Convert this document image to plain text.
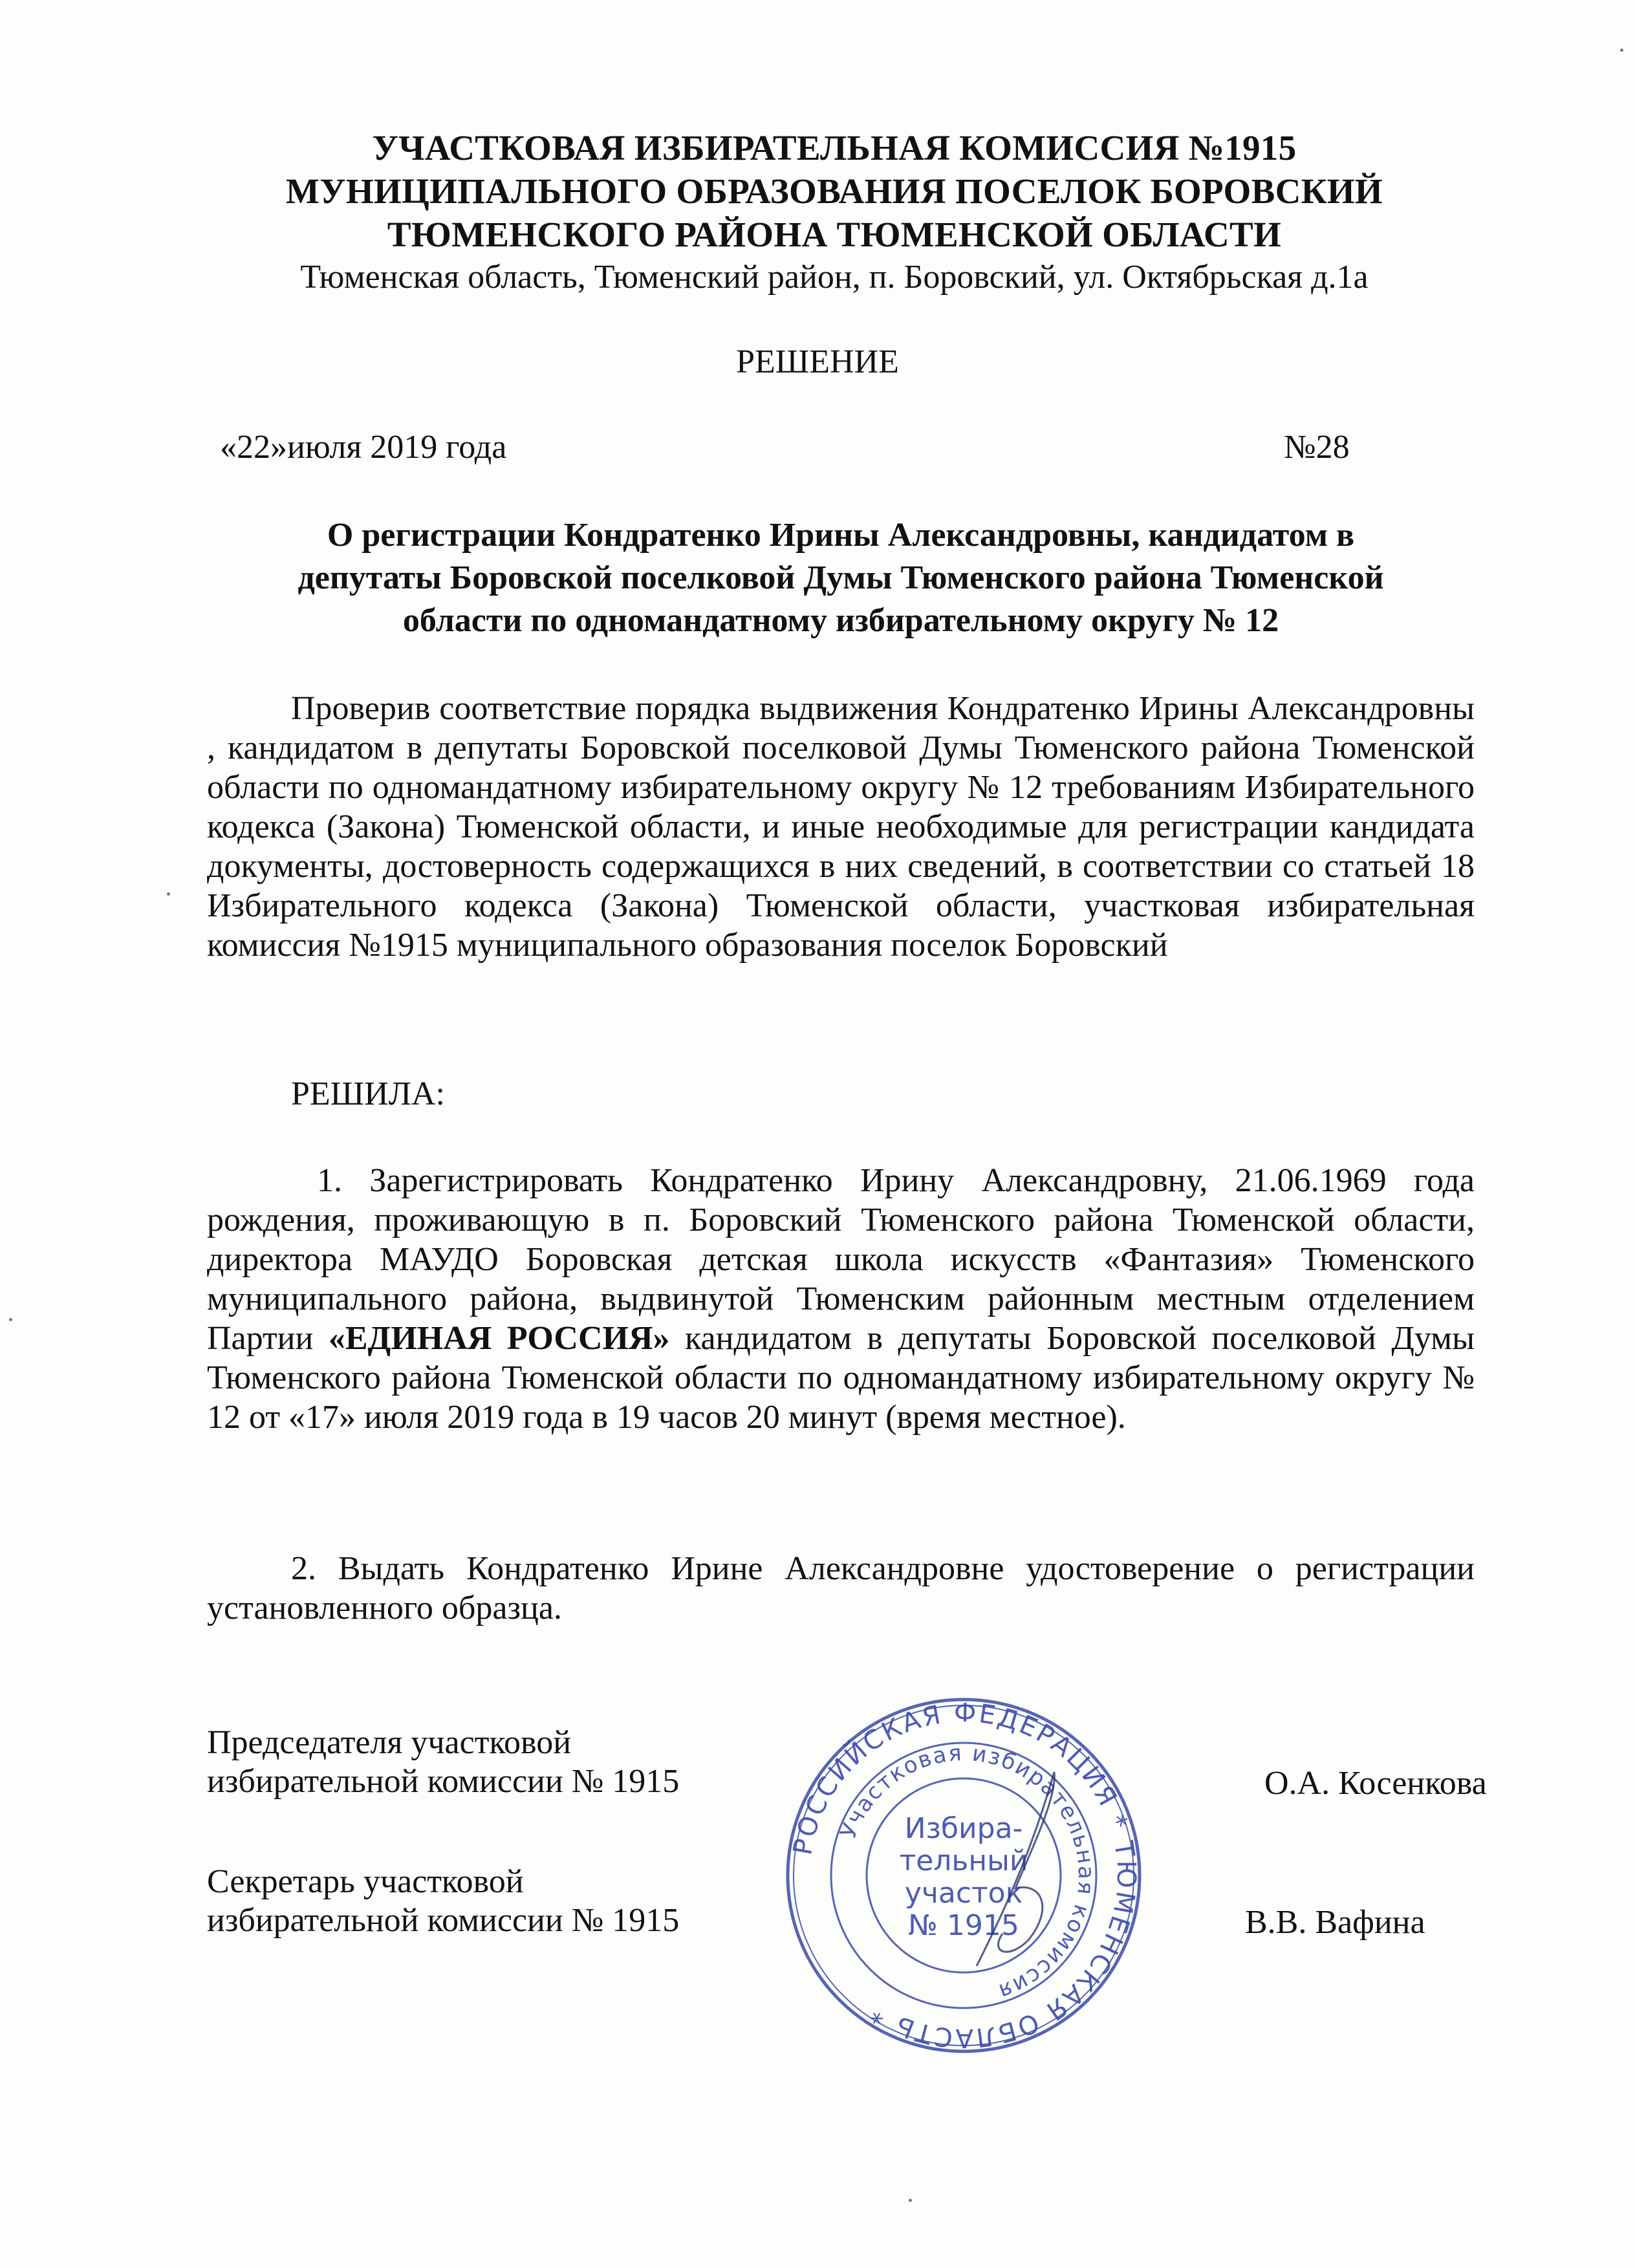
УЧАСТКОВАЯ ИЗБИРАТЕЛЬНАЯ КОМИССИЯ №1915
МУНИЦИПАЛЬНОГО ОБРАЗОВАНИЯ ПОСЕЛОК БОРОВСКИЙ
ТЮМЕНСКОГО РАЙОНА ТЮМЕНСКОЙ ОБЛАСТИ
Тюменская область, Тюменский район, п. Боровский, ул. Октябрьская д.1а
РЕШЕНИЕ
«22»июля 2019 года	№28
О регистрации Кондратенко Ирины Александровны, кандидатом в
депутаты Боровской поселковой Думы Тюменского района Тюменской
области по одномандатному избирательному округу № 12
Проверив соответствие порядка выдвижения Кондратенко Ирины Александровны , кандидатом в депутаты Боровской поселковой Думы Тюменского района Тюменской области по одномандатному избирательному округу № 12 требованиям Избирательного кодекса (Закона) Тюменской области, и иные необходимые для регистрации кандидата документы, достоверность содержащихся в них сведений, в соответствии со статьей 18 Избирательного кодекса (Закона) Тюменской области, участковая избирательная комиссия №1915 муниципального образования поселок Боровский
РЕШИЛА:
1. Зарегистрировать Кондратенко Ирину Александровну, 21.06.1969 года рождения, проживающую в п. Боровский Тюменского района Тюменской области, директора МАУДО Боровская детская школа искусств «Фантазия» Тюменского муниципального района, выдвинутой Тюменским районным местным отделением Партии «ЕДИНАЯ РОССИЯ» кандидатом в депутаты Боровской поселковой Думы Тюменского района Тюменской области по одномандатному избирательному округу № 12 от «17» июля 2019 года в 19 часов 20 минут (время местное).
2. Выдать Кондратенко Ирине Александровне удостоверение о регистрации установленного образца.
Председателя участковой
избирательной комиссии № 1915	О.А. Косенкова
Секретарь участковой
избирательной комиссии № 1915	В.В. Вафина
РОССИЙСКАЯ ФЕДЕРАЦИЯ * ТЮМЕНСКАЯ ОБЛАСТЬ *
Участковая избирательная комиссия
Избира-
тельный
участок
№ 1915
